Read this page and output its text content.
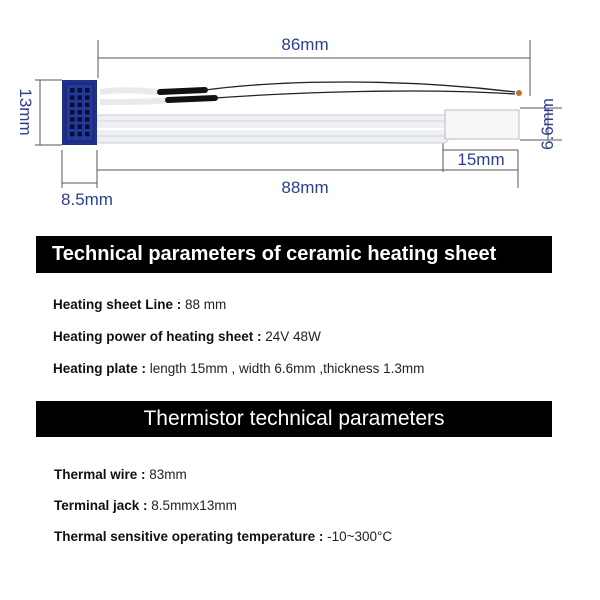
86mm
13mm	6.6mm
15mm
88mm
8.5mm
Technical parameters of ceramic heating sheet
Heating sheet Line : 88 mm
Heating power of heating sheet : 24V 48W
Heating plate : length 15mm , width 6.6mm ,thickness 1.3mm
Thermistor technical parameters
Thermal wire : 83mm
Terminal jack : 8.5mmx13mm
Thermal sensitive operating temperature : -10~300°C
